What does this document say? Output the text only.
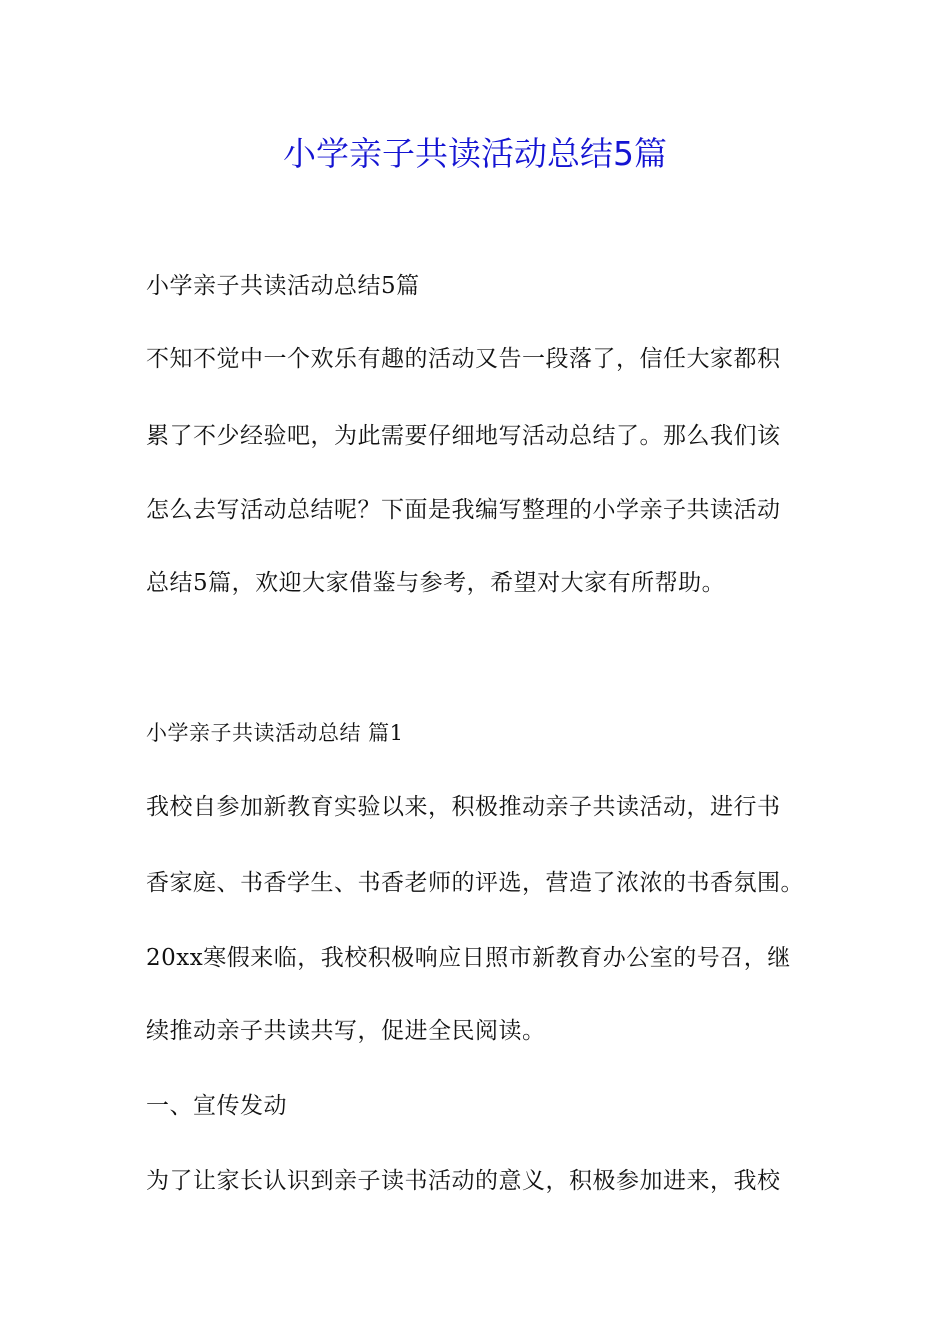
小学亲子共读活动总结5篇

小学亲子共读活动总结5篇

不知不觉中一个欢乐有趣的活动又告一段落了，信任大家都积

累了不少经验吧，为此需要仔细地写活动总结了。那么我们该

怎么去写活动总结呢？下面是我编写整理的小学亲子共读活动

总结5篇，欢迎大家借鉴与参考，希望对大家有所帮助。

小学亲子共读活动总结 篇1

我校自参加新教育实验以来，积极推动亲子共读活动，进行书

香家庭、书香学生、书香老师的评选，营造了浓浓的书香氛围。

20xx寒假来临，我校积极响应日照市新教育办公室的号召，继

续推动亲子共读共写，促进全民阅读。

一、宣传发动

为了让家长认识到亲子读书活动的意义，积极参加进来，我校
